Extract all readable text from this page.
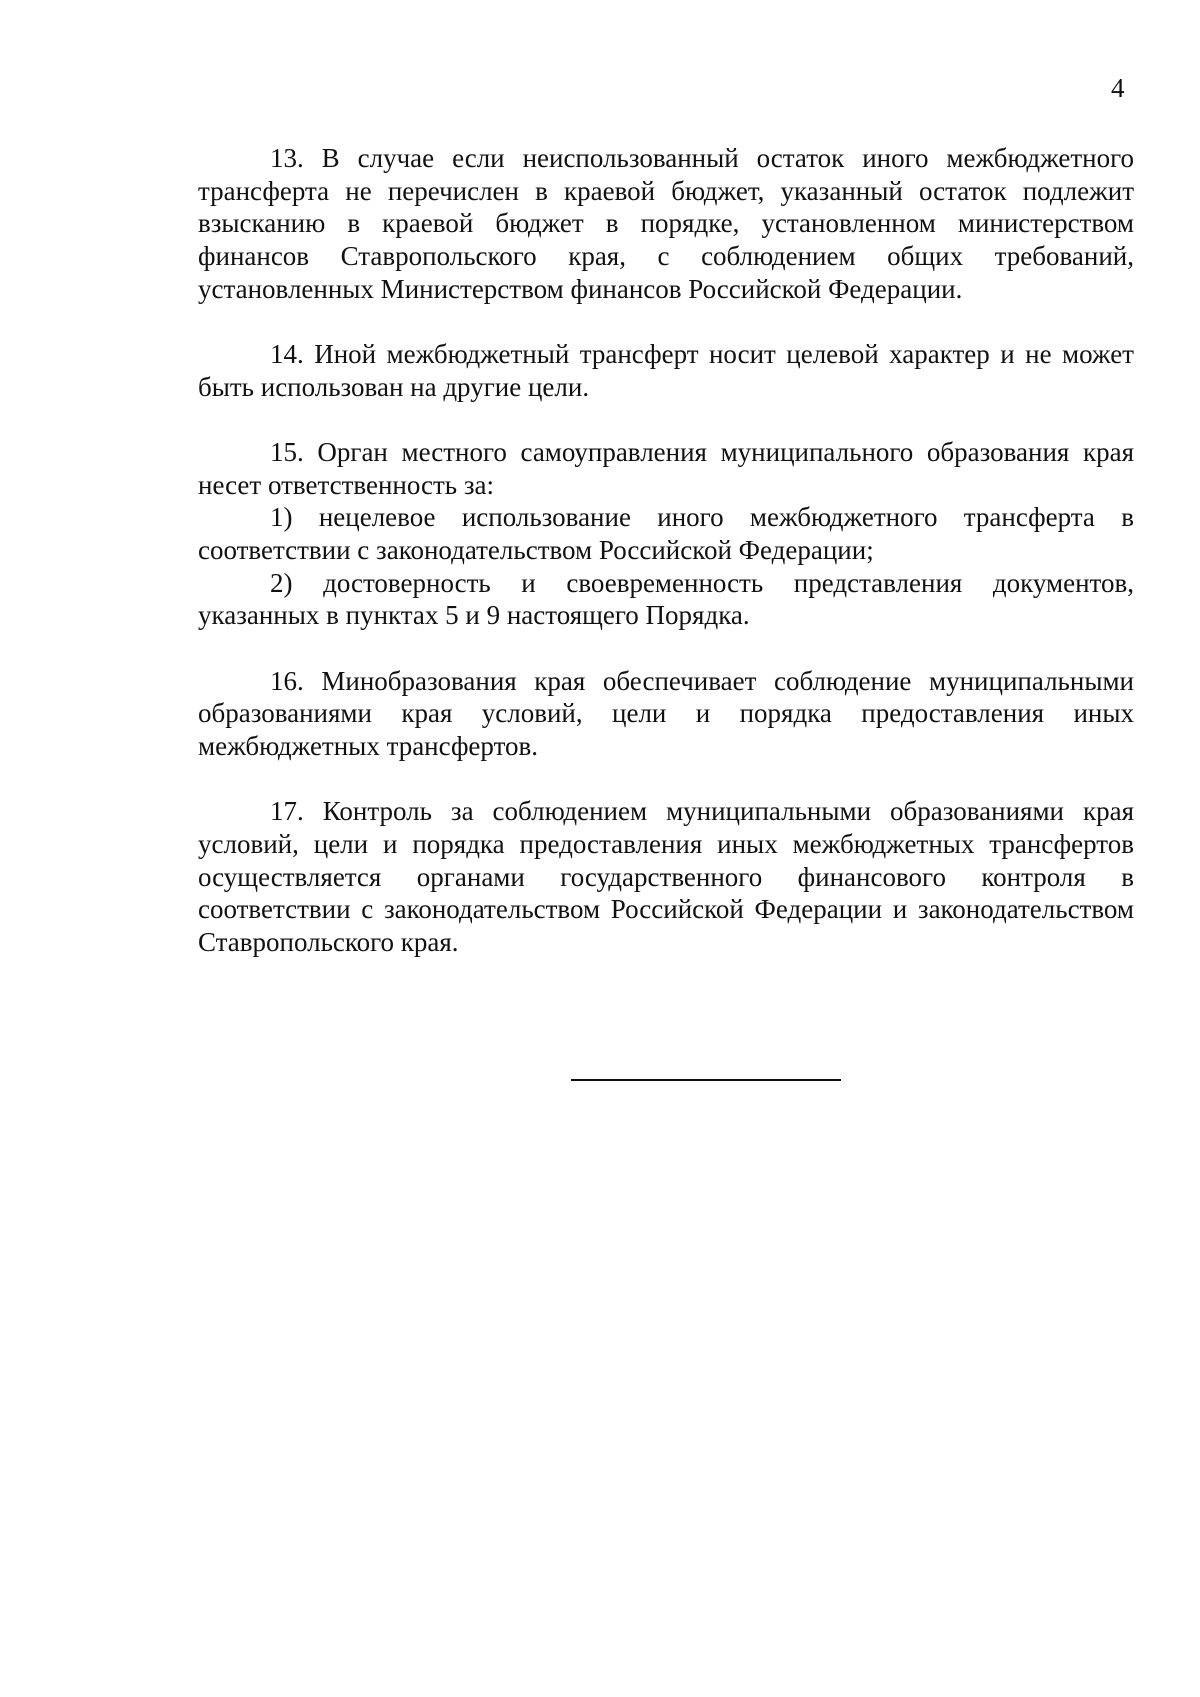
4

13. В случае если неиспользованный остаток иного межбюджетного трансферта не перечислен в краевой бюджет, указанный остаток подлежит взысканию в краевой бюджет в порядке, установленном министерством финансов Ставропольского края, с соблюдением общих требований, установленных Министерством финансов Российской Федерации.

14. Иной межбюджетный трансферт носит целевой характер и не может быть использован на другие цели.

15. Орган местного самоуправления муниципального образования края несет ответственность за:

1) нецелевое использование иного межбюджетного трансферта в соответствии с законодательством Российской Федерации;

2) достоверность и своевременность представления документов, указанных в пунктах 5 и 9 настоящего Порядка.

16. Минобразования края обеспечивает соблюдение муниципальными образованиями края условий, цели и порядка предоставления иных межбюджетных трансфертов.

17. Контроль за соблюдением муниципальными образованиями края условий, цели и порядка предоставления иных межбюджетных трансфертов осуществляется органами государственного финансового контроля в соответствии с законодательством Российской Федерации и законодательством Ставропольского края.
